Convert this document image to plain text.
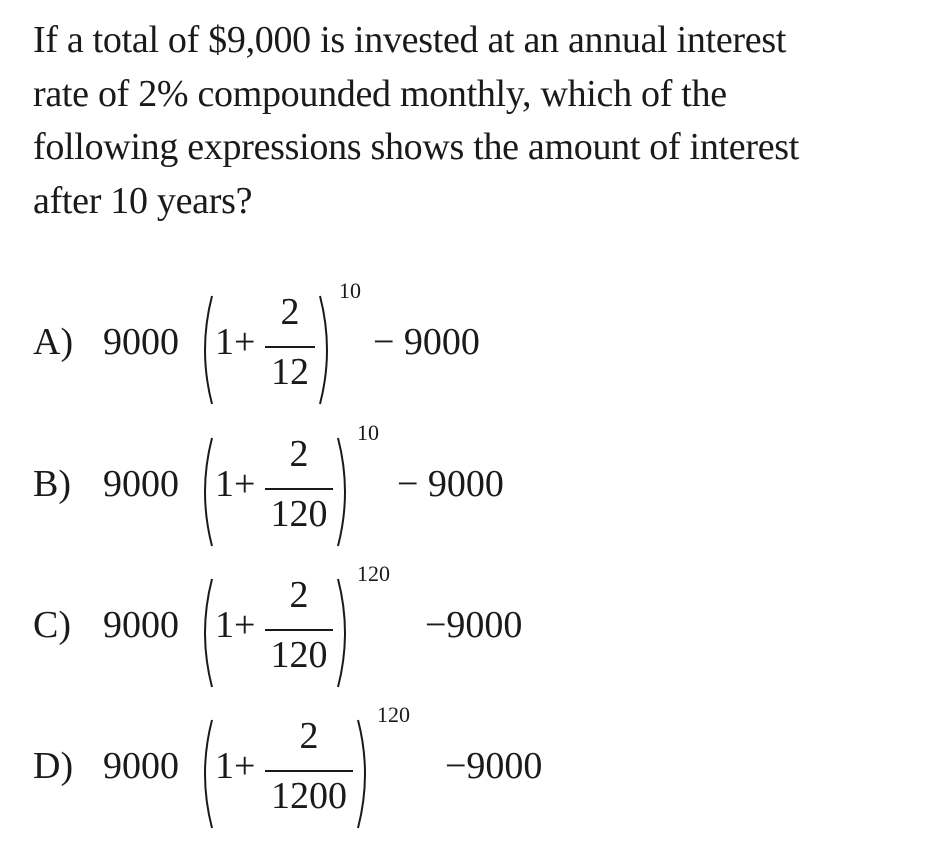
If a total of $9,000 is invested at an annual interest
rate of 2% compounded monthly, which of the
following expressions shows the amount of interest
after 10 years?
A) 9000 1+
2
12
10
− 9000
B) 9000 1+
2
120
10
− 9000
C) 9000 1+
2
120
120
−9000
D) 9000 1+
2
1200
120
−9000
